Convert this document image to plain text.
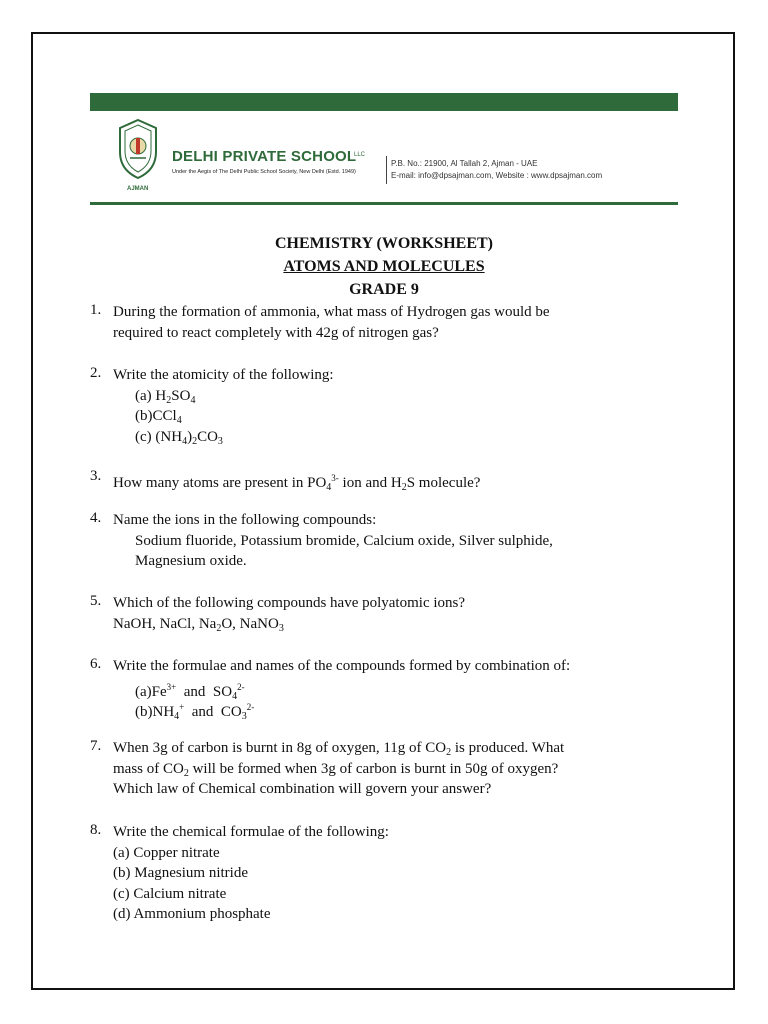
AJMAN
DELHI PRIVATE SCHOOL
LLC
Under the Aegis of The Delhi Public School Society, New Delhi (Estd. 1949)
P.B. No.: 21900, Al Tallah 2, Ajman - UAE
E-mail: info@dpsajman.com, Website : www.dpsajman.com
CHEMISTRY (WORKSHEET)
ATOMS AND MOLECULES
GRADE 9
1. During the formation of ammonia, what mass of Hydrogen gas would be
required to react completely with 42g of nitrogen gas?
2. Write the atomicity of the following:
(a) $H_2SO_4$
(b)CCl$_4$
(c) $(NH_4)_2CO_3$
3. How many atoms are present in $PO_4^{3-}$ ion and $H_2S$ molecule?
4. Name the ions in the following compounds:
Sodium fluoride, Potassium bromide, Calcium oxide, Silver sulphide,
Magnesium oxide.
5. Which of the following compounds have polyatomic ions?
NaOH, NaCl, $Na_2O$, NaNO$_3$
6. Write the formulae and names of the compounds formed by combination of:
$(a)Fe^{3+}$  and  $SO_4^{2-}$
$(b)NH_4^+$  and  $CO_3^{2-}$
7. When 3g of carbon is burnt in 8g of oxygen, 11g of $CO_2$ is produced. What
mass of $CO_2$ will be formed when 3g of carbon is burnt in 50g of oxygen?
Which law of Chemical combination will govern your answer?
8. Write the chemical formulae of the following:
(a) Copper nitrate
(b) Magnesium nitride
(c) Calcium nitrate
(d) Ammonium phosphate
